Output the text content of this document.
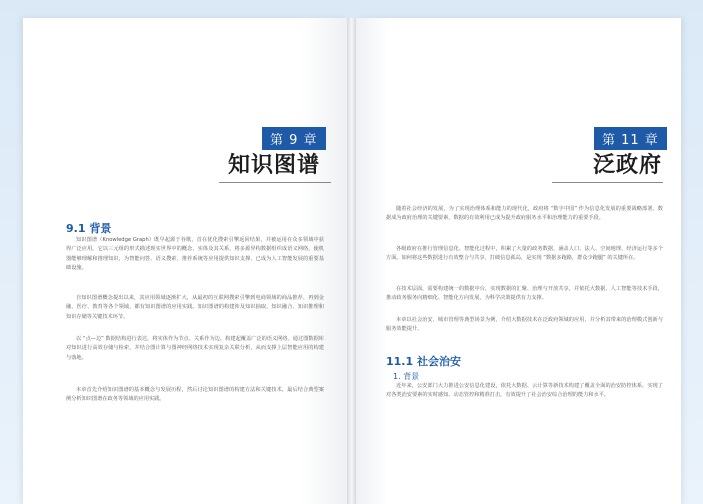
第 9 章
知识图谱
9.1 背景

知识图谱（Knowledge Graph）既早起源于谷歌，首在优化搜索引擎返回结果，并被运用在众多领域中获得广泛应用。它以三元组的形式描述现实世界中的概念、实体及其关系，将多源异构数据组织成语义网络，使机器能够理解和推理知识，为智能问答、语义搜索、推荐系统等应用提供知识支撑，已成为人工智能发展的重要基础设施。

自知识图谱概念提出以来，其应用领域逐渐扩大，从最初的互联网搜索引擎到电商领域的商品推荐，再到金融、医疗、教育等各个领域，都有知识图谱的应用实践。知识图谱的构建涉及知识抽取、知识融合、知识推理和知识存储等关键技术环节。

以 “点—边” 数据结构进行表达，将实体作为节点、关系作为边，构建起覆盖广泛的语义网络。通过图数据库对知识进行高效存储与检索，并结合图计算与图神经网络技术实现复杂关联分析，从而支撑上层智能应用的构建与落地。

本章首先介绍知识图谱的基本概念与发展历程，然后讨论知识图谱的构建方法和关键技术，最后结合典型案例分析知识图谱在政务等领域的应用实践。

第 11 章
泛政府

随着社会经济的发展，为了实现治理体系和能力的现代化，政府将 “数字中国” 作为信息化发展的重要战略部署。数据成为政府治理的关键要素，数据的有效利用已成为提升政府服务水平和治理能力的重要手段。

各级政府在推行管理信息化、智能化过程中，积累了大量的政务数据，涵盖人口、法人、空间地理、经济运行等多个方面。如何将这些数据进行有效整合与共享，打破信息孤岛，是实现 “数据多跑路，群众少跑腿” 的关键所在。

在技术层面，需要构建统一的数据中台，实现数据的汇聚、治理与开放共享，并依托大数据、人工智能等技术手段，推动政务服务向精细化、智能化方向发展，为科学决策提供有力支撑。

本章以社会治安、城市管理等典型场景为例，介绍大数据技术在泛政府领域的应用，并分析其带来的治理模式创新与服务效能提升。

11.1 社会治安
1. 背景

近年来，公安部门大力推进公安信息化建设，依托大数据、云计算等新技术构建了覆盖全面的治安防控体系，实现了对各类治安要素的实时感知、动态管控和精准打击，有效提升了社会治安综合治理的能力和水平。
